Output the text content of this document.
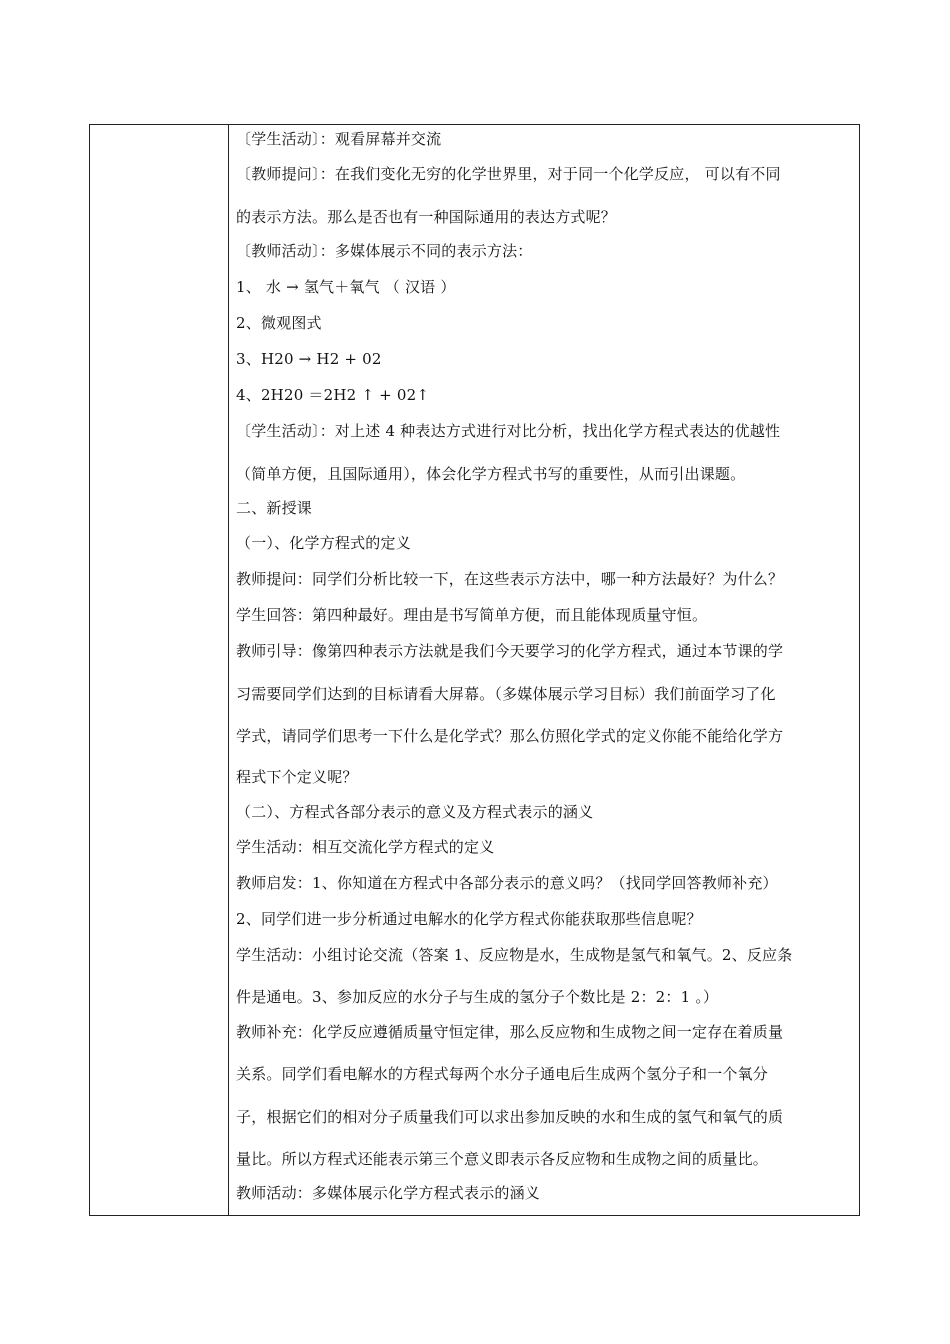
〔学生活动〕：观看屏幕并交流
〔教师提问〕：在我们变化无穷的化学世界里，对于同一个化学反应， 可以有不同
的表示方法。那么是否也有一种国际通用的表达方式呢？
〔教师活动〕：多媒体展示不同的表示方法：
1、 水 → 氢气＋氧气 （ 汉语 ）
2、微观图式
3、H20 → H2 + 02
4、2H20 ＝2H2 ↑ + 02↑
〔学生活动〕：对上述 4 种表达方式进行对比分析，找出化学方程式表达的优越性
（简单方便，且国际通用），体会化学方程式书写的重要性，从而引出课题。
二、新授课
（一）、化学方程式的定义
教师提问：同学们分析比较一下，在这些表示方法中，哪一种方法最好？为什么？
学生回答：第四种最好。理由是书写简单方便，而且能体现质量守恒。
教师引导：像第四种表示方法就是我们今天要学习的化学方程式，通过本节课的学
习需要同学们达到的目标请看大屏幕。（多媒体展示学习目标）我们前面学习了化
学式，请同学们思考一下什么是化学式？那么仿照化学式的定义你能不能给化学方
程式下个定义呢？
（二）、方程式各部分表示的意义及方程式表示的涵义
学生活动：相互交流化学方程式的定义
教师启发：1、你知道在方程式中各部分表示的意义吗？（找同学回答教师补充）
2、同学们进一步分析通过电解水的化学方程式你能获取那些信息呢？
学生活动：小组讨论交流（答案 1、反应物是水，生成物是氢气和氧气。2、反应条
件是通电。3、参加反应的水分子与生成的氢分子个数比是 2：2：1 。）
教师补充：化学反应遵循质量守恒定律，那么反应物和生成物之间一定存在着质量
关系。同学们看电解水的方程式每两个水分子通电后生成两个氢分子和一个氧分
子，根据它们的相对分子质量我们可以求出参加反映的水和生成的氢气和氧气的质
量比。所以方程式还能表示第三个意义即表示各反应物和生成物之间的质量比。
教师活动：多媒体展示化学方程式表示的涵义
